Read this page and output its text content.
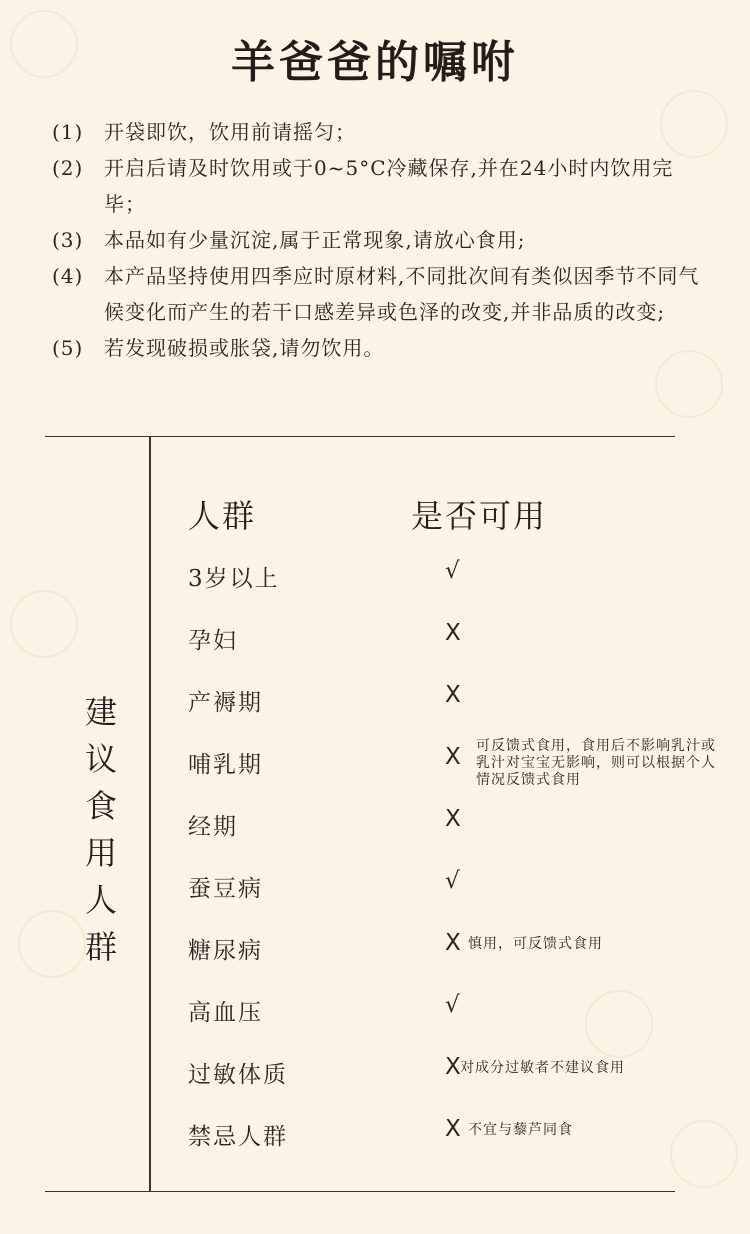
羊爸爸的嘱咐
(1)	开袋即饮，饮用前请摇匀；
(2)	开启后请及时饮用或于0~5°C冷藏保存,并在24小时内饮用完毕；
(3)	本品如有少量沉淀,属于正常现象,请放心食用;
(4)	本产品坚持使用四季应时原材料,不同批次间有类似因季节不同气候变化而产生的若干口感差异或色泽的改变,并非品质的改变;
(5)	若发现破损或胀袋,请勿饮用。
建议食用人群
人群	是否可用
3岁以上	√
孕妇	X
产褥期	X
哺乳期	X 可反馈式食用，食用后不影响乳汁或乳汁对宝宝无影响，则可以根据个人情况反馈式食用
经期	X
蚕豆病	√
糖尿病	X 慎用，可反馈式食用
高血压	√
过敏体质	X 对成分过敏者不建议食用
禁忌人群	X 不宜与藜芦同食
